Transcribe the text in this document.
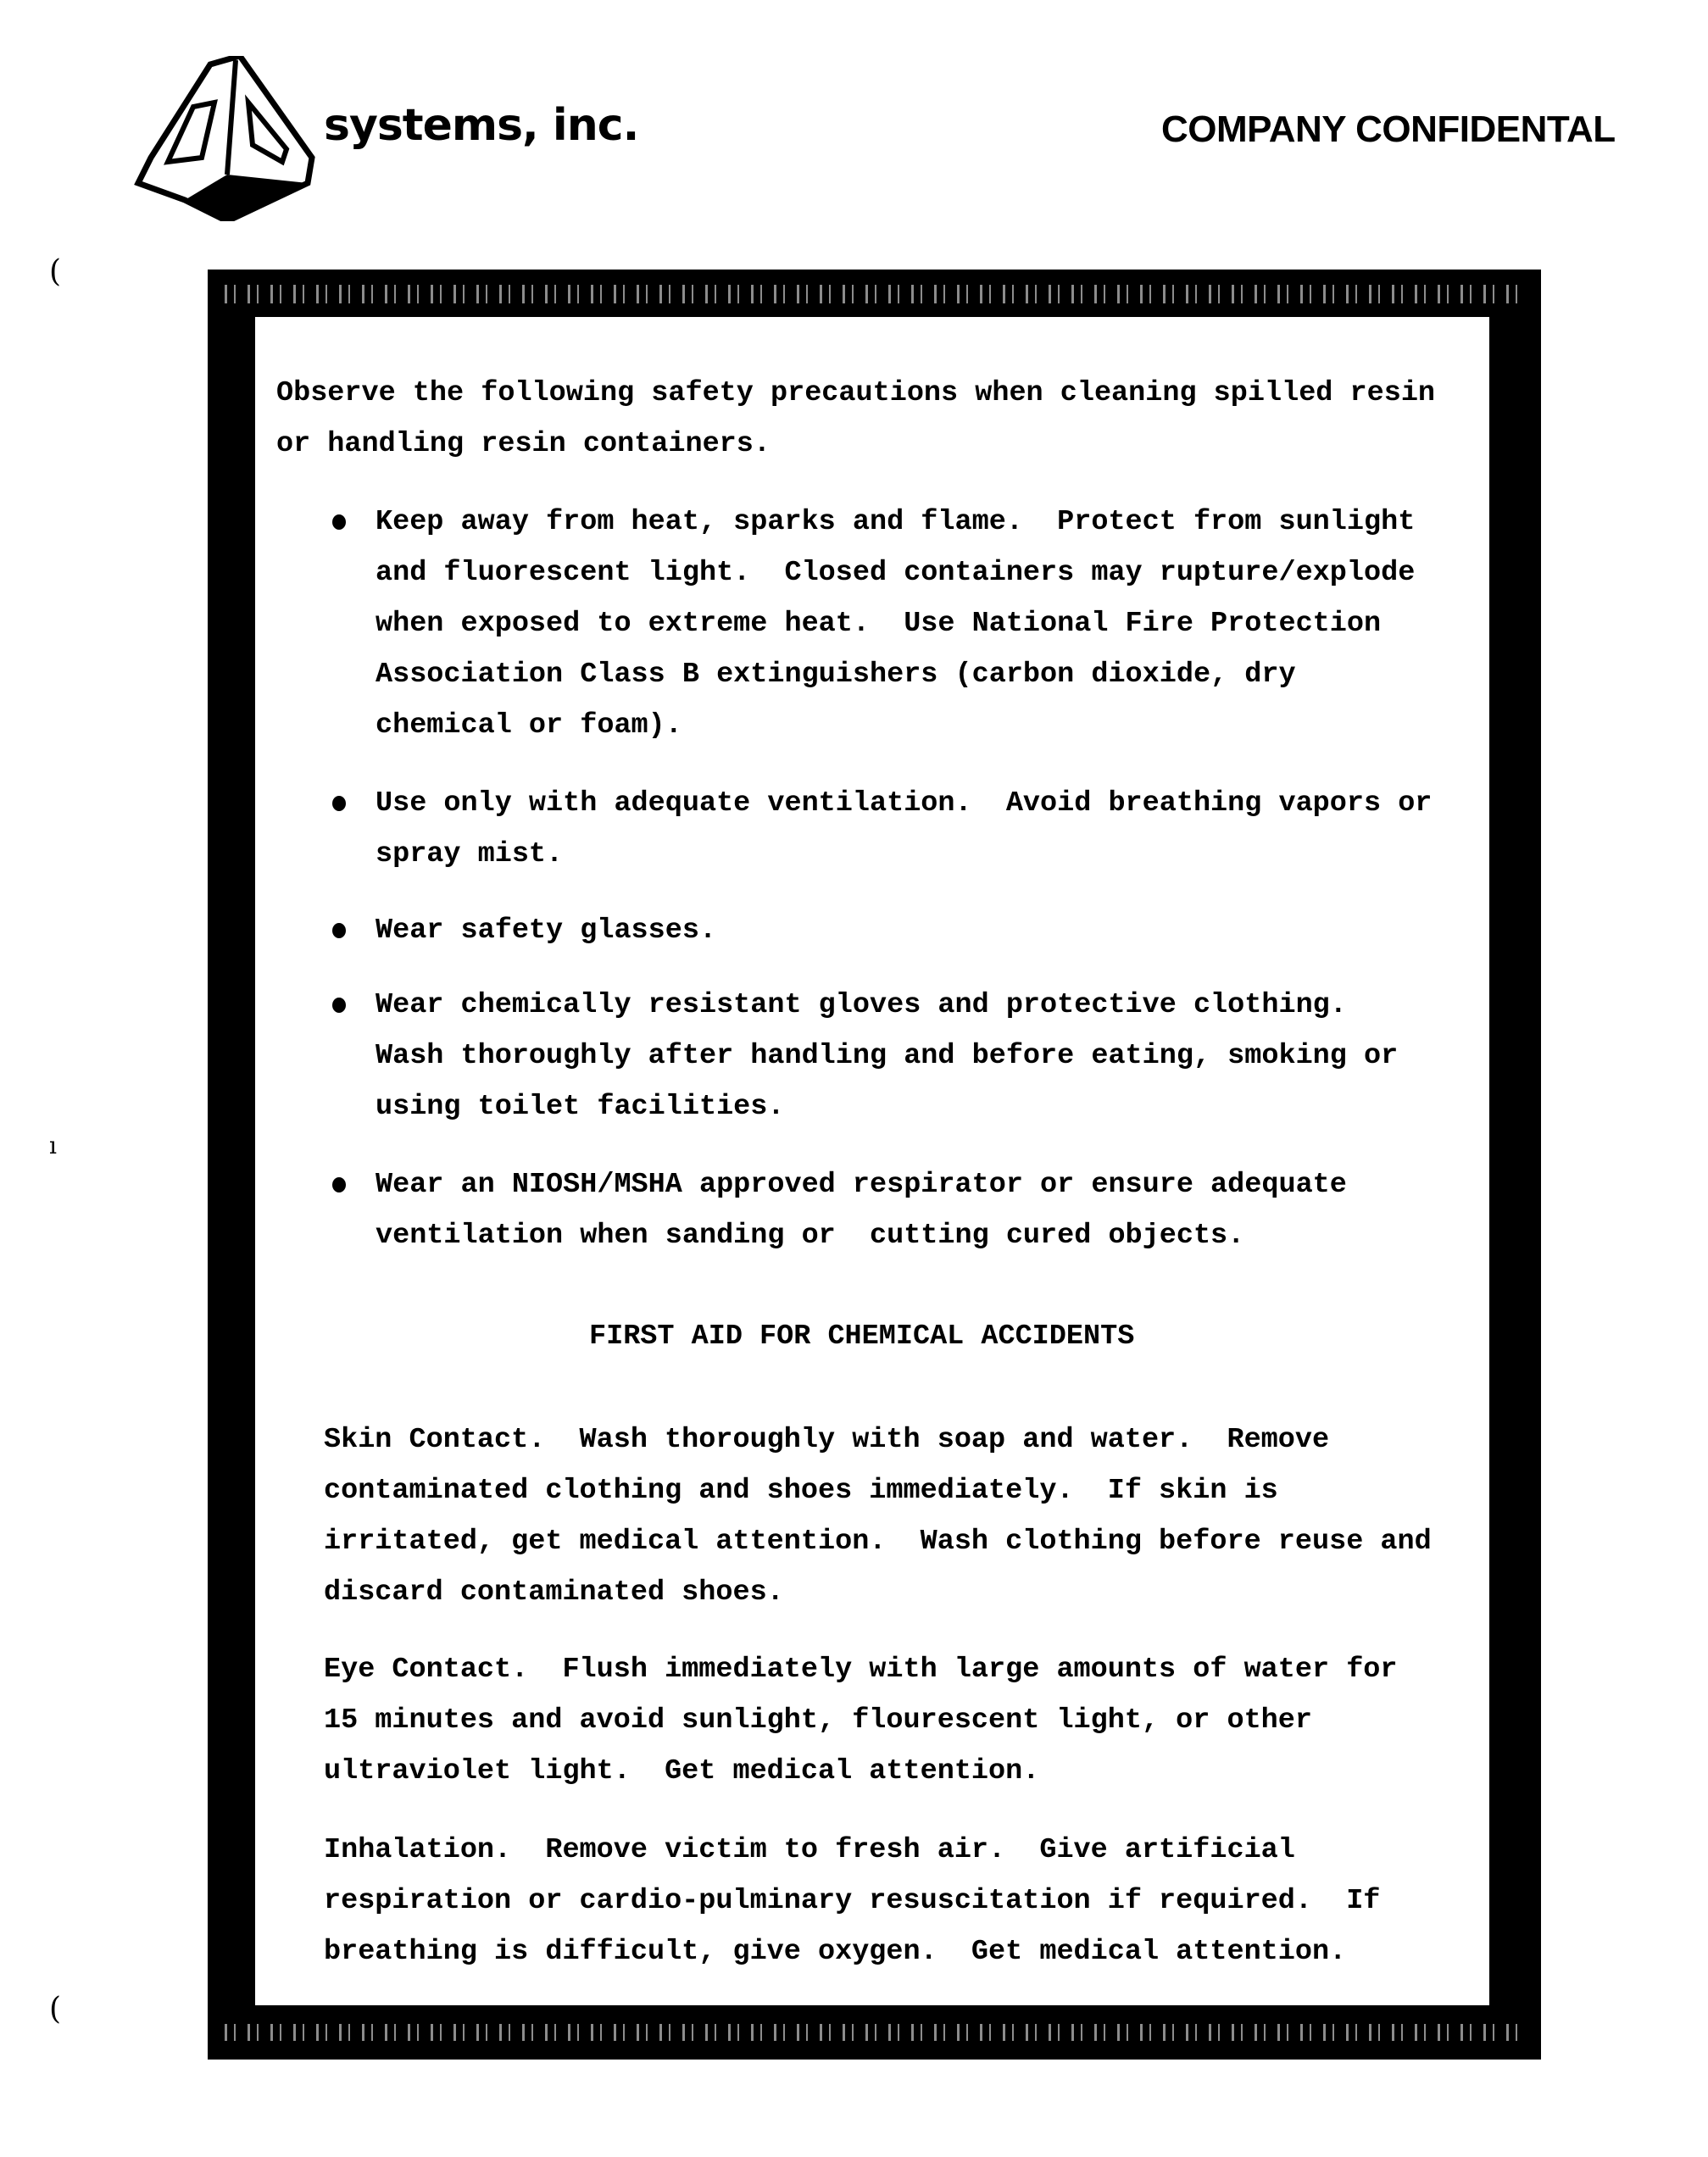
systems, inc.	COMPANY CONFIDENTAL
(
ı
(
Observe the following safety precautions when cleaning spilled resin
or handling resin containers.
Keep away from heat, sparks and flame.  Protect from sunlight
and fluorescent light.  Closed containers may rupture/explode
when exposed to extreme heat.  Use National Fire Protection
Association Class B extinguishers (carbon dioxide, dry
chemical or foam).
Use only with adequate ventilation.  Avoid breathing vapors or
spray mist.
Wear safety glasses.
Wear chemically resistant gloves and protective clothing.
Wash thoroughly after handling and before eating, smoking or
using toilet facilities.
Wear an NIOSH/MSHA approved respirator or ensure adequate
ventilation when sanding or  cutting cured objects.
FIRST AID FOR CHEMICAL ACCIDENTS
Skin Contact.  Wash thoroughly with soap and water.  Remove
contaminated clothing and shoes immediately.  If skin is
irritated, get medical attention.  Wash clothing before reuse and
discard contaminated shoes.
Eye Contact.  Flush immediately with large amounts of water for
15 minutes and avoid sunlight, flourescent light, or other
ultraviolet light.  Get medical attention.
Inhalation.  Remove victim to fresh air.  Give artificial
respiration or cardio-pulminary resuscitation if required.  If
breathing is difficult, give oxygen.  Get medical attention.
